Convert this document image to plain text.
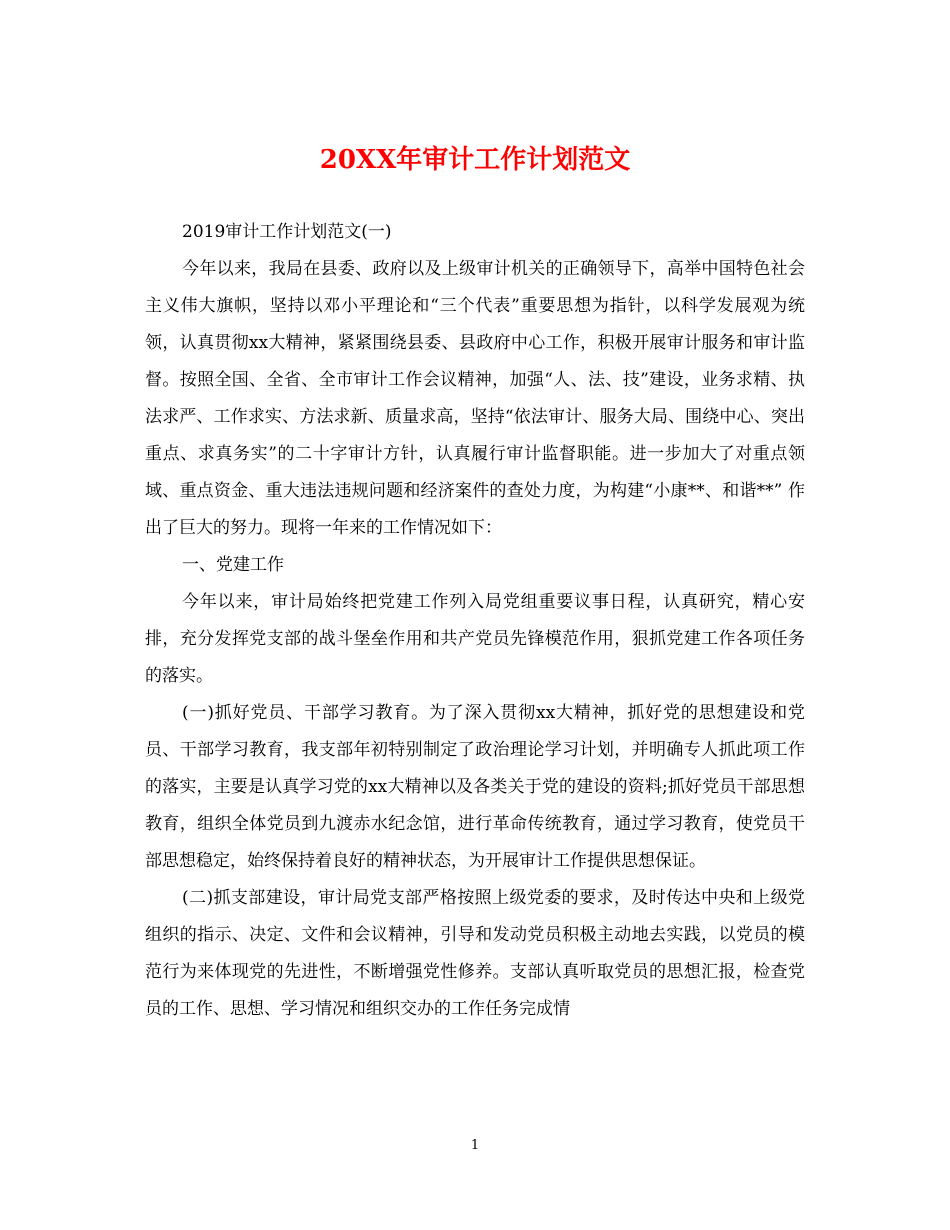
20XX年审计工作计划范文

2019审计工作计划范文(一)

今年以来，我局在县委、政府以及上级审计机关的正确领导下，高举中国特色社会主义伟大旗帜，坚持以邓小平理论和“三个代表”重要思想为指针，以科学发展观为统领，认真贯彻xx大精神，紧紧围绕县委、县政府中心工作，积极开展审计服务和审计监督。按照全国、全省、全市审计工作会议精神，加强“人、法、技”建设，业务求精、执法求严、工作求实、方法求新、质量求高，坚持“依法审计、服务大局、围绕中心、突出重点、求真务实”的二十字审计方针，认真履行审计监督职能。进一步加大了对重点领域、重点资金、重大违法违规问题和经济案件的查处力度，为构建“小康**、和谐**” 作出了巨大的努力。现将一年来的工作情况如下：

一、党建工作

今年以来，审计局始终把党建工作列入局党组重要议事日程，认真研究，精心安排，充分发挥党支部的战斗堡垒作用和共产党员先锋模范作用，狠抓党建工作各项任务的落实。

(一)抓好党员、干部学习教育。为了深入贯彻xx大精神，抓好党的思想建设和党员、干部学习教育，我支部年初特别制定了政治理论学习计划，并明确专人抓此项工作的落实，主要是认真学习党的xx大精神以及各类关于党的建设的资料;抓好党员干部思想教育，组织全体党员到九渡赤水纪念馆，进行革命传统教育，通过学习教育，使党员干部思想稳定，始终保持着良好的精神状态，为开展审计工作提供思想保证。

(二)抓支部建设，审计局党支部严格按照上级党委的要求，及时传达中央和上级党组织的指示、决定、文件和会议精神，引导和发动党员积极主动地去实践，以党员的模范行为来体现党的先进性，不断增强党性修养。支部认真听取党员的思想汇报，检查党员的工作、思想、学习情况和组织交办的工作任务完成情

1
